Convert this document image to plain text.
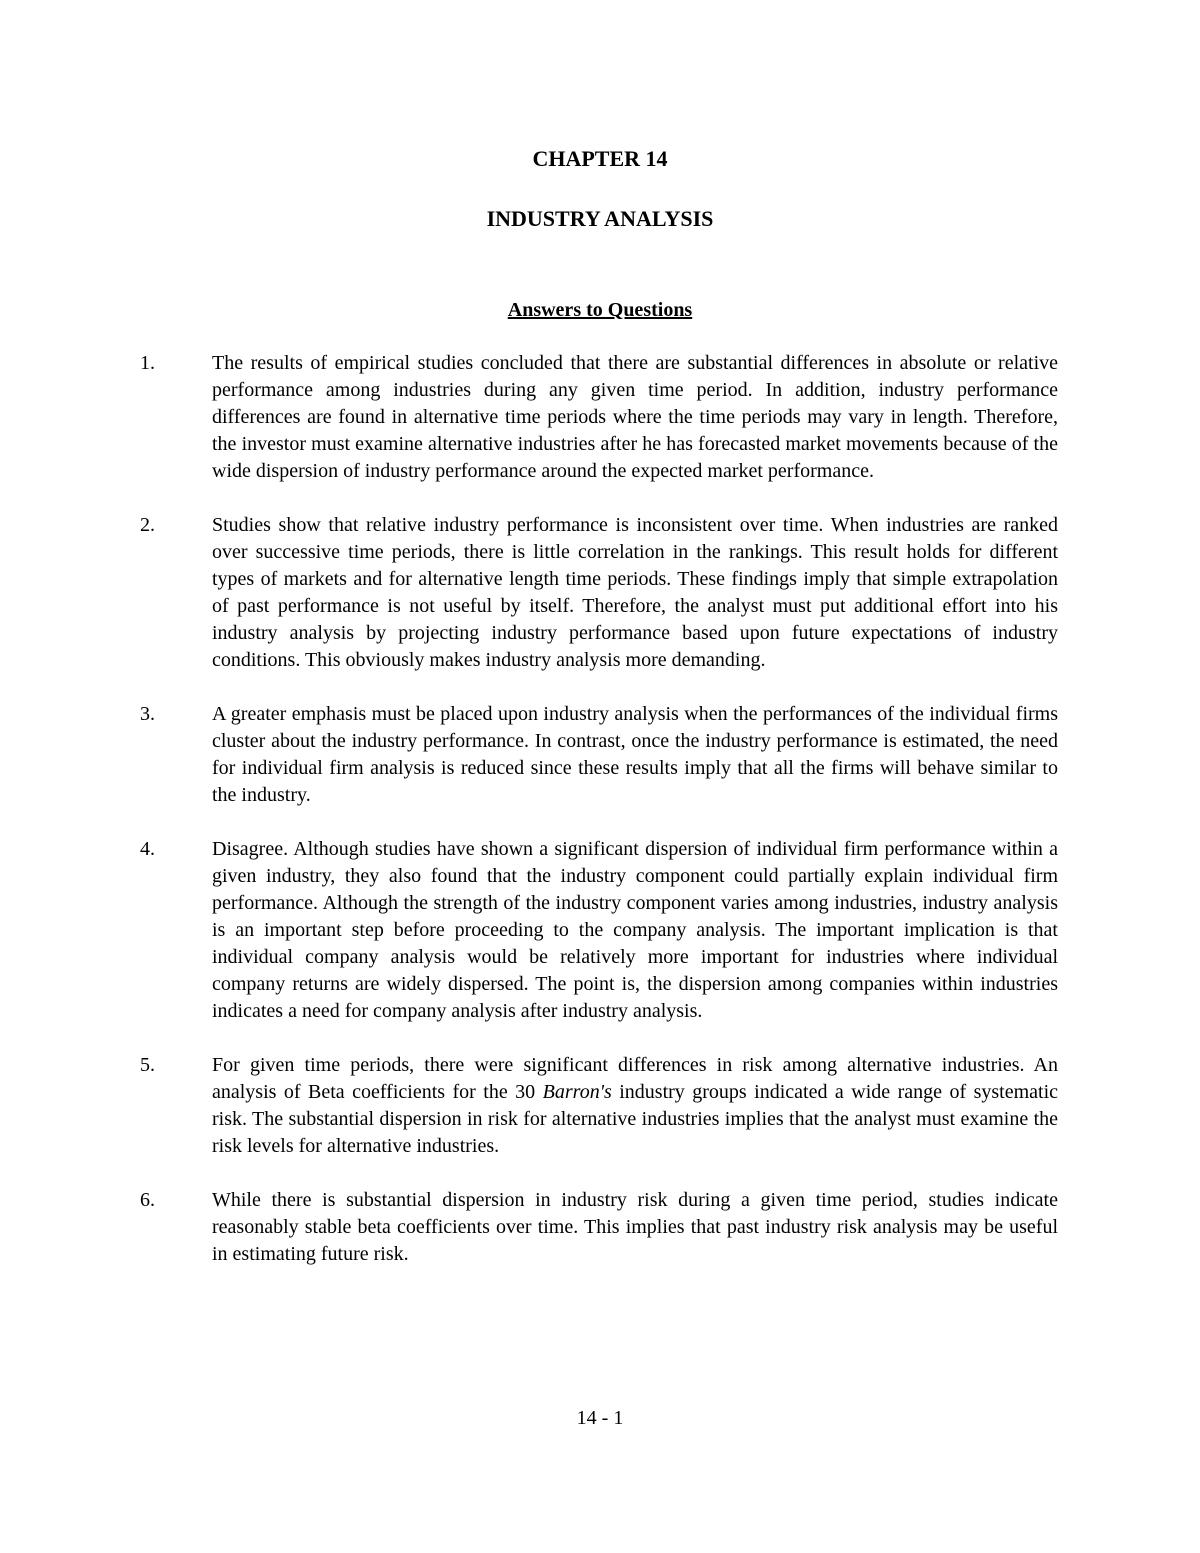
CHAPTER 14
INDUSTRY ANALYSIS
Answers to Questions
1.	The results of empirical studies concluded that there are substantial differences in absolute or relative performance among industries during any given time period. In addition, industry performance differences are found in alternative time periods where the time periods may vary in length. Therefore, the investor must examine alternative industries after he has forecasted market movements because of the wide dispersion of industry performance around the expected market performance.
2.	Studies show that relative industry performance is inconsistent over time. When industries are ranked over successive time periods, there is little correlation in the rankings. This result holds for different types of markets and for alternative length time periods. These findings imply that simple extrapolation of past performance is not useful by itself. Therefore, the analyst must put additional effort into his industry analysis by projecting industry performance based upon future expectations of industry conditions. This obviously makes industry analysis more demanding.
3.	A greater emphasis must be placed upon industry analysis when the performances of the individual firms cluster about the industry performance. In contrast, once the industry performance is estimated, the need for individual firm analysis is reduced since these results imply that all the firms will behave similar to the industry.
4.	Disagree. Although studies have shown a significant dispersion of individual firm performance within a given industry, they also found that the industry component could partially explain individual firm performance. Although the strength of the industry component varies among industries, industry analysis is an important step before proceeding to the company analysis. The important implication is that individual company analysis would be relatively more important for industries where individual company returns are widely dispersed. The point is, the dispersion among companies within industries indicates a need for company analysis after industry analysis.
5.	For given time periods, there were significant differences in risk among alternative industries. An analysis of Beta coefficients for the 30 Barron's industry groups indicated a wide range of systematic risk. The substantial dispersion in risk for alternative industries implies that the analyst must examine the risk levels for alternative industries.
6.	While there is substantial dispersion in industry risk during a given time period, studies indicate reasonably stable beta coefficients over time. This implies that past industry risk analysis may be useful in estimating future risk.
14 - 1
